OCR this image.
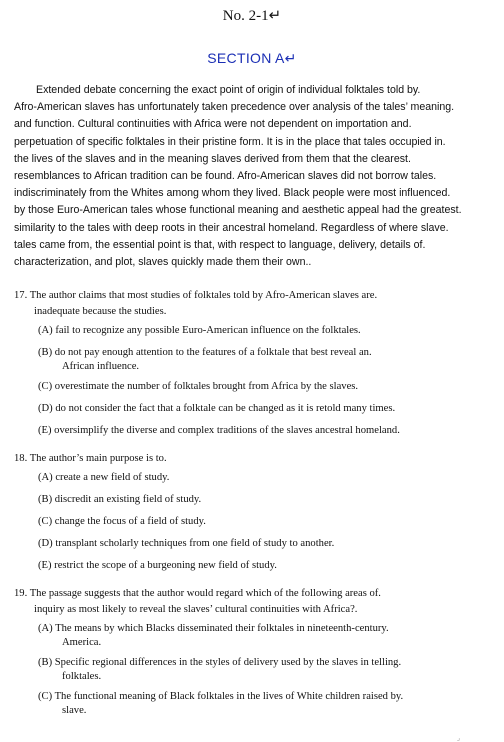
No. 2-1↵
SECTION A↵
Extended debate concerning the exact point of origin of individual folktales told by.
Afro-American slaves has unfortunately taken precedence over analysis of the tales’ meaning.
and function. Cultural continuities with Africa were not dependent on importation and.
perpetuation of specific folktales in their pristine form. It is in the place that tales occupied in.
the lives of the slaves and in the meaning slaves derived from them that the clearest.
resemblances to African tradition can be found. Afro-American slaves did not borrow tales.
indiscriminately from the Whites among whom they lived. Black people were most influenced.
by those Euro-American tales whose functional meaning and aesthetic appeal had the greatest.
similarity to the tales with deep roots in their ancestral homeland. Regardless of where slave.
tales came from, the essential point is that, with respect to language, delivery, details of.
characterization, and plot, slaves quickly made them their own..
17. The author claims that most studies of folktales told by Afro-American slaves are.
inadequate because the studies.
(A) fail to recognize any possible Euro-American influence on the folktales.
(B) do not pay enough attention to the features of a folktale that best reveal an.
African influence.
(C) overestimate the number of folktales brought from Africa by the slaves.
(D) do not consider the fact that a folktale can be changed as it is retold many times.
(E) oversimplify the diverse and complex traditions of the slaves ancestral homeland.
18. The author’s main purpose is to.
(A) create a new field of study.
(B) discredit an existing field of study.
(C) change the focus of a field of study.
(D) transplant scholarly techniques from one field of study to another.
(E) restrict the scope of a burgeoning new field of study.
19. The passage suggests that the author would regard which of the following areas of.
inquiry as most likely to reveal the slaves’ cultural continuities with Africa?.
(A) The means by which Blacks disseminated their folktales in nineteenth-century.
America.
(B) Specific regional differences in the styles of delivery used by the slaves in telling.
folktales.
(C) The functional meaning of Black folktales in the lives of White children raised by.
slave.
⌟
